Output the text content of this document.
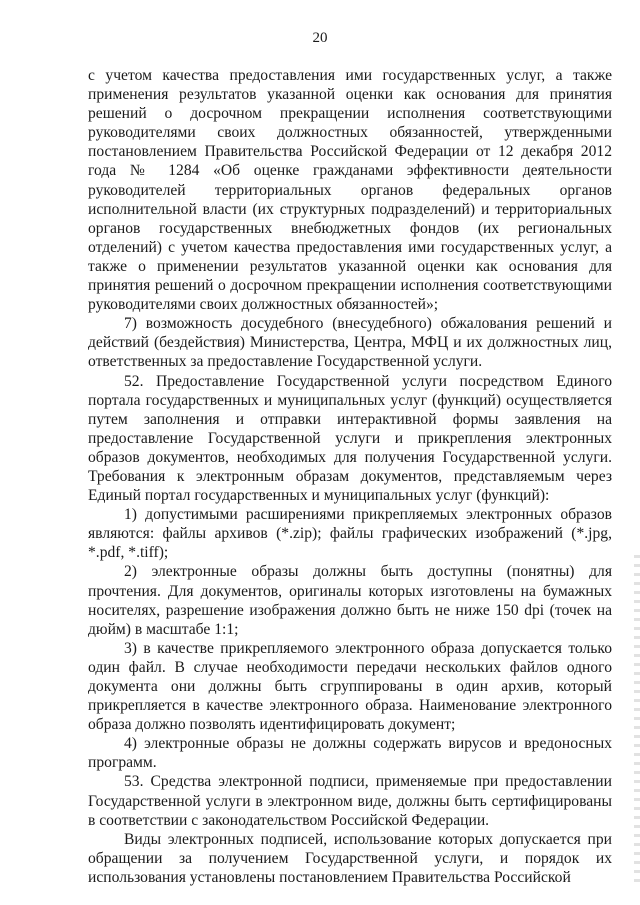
20

с учетом качества предоставления ими государственных услуг, а также применения результатов указанной оценки как основания для принятия решений о досрочном прекращении исполнения соответствующими руководителями своих должностных обязанностей, утвержденными постановлением Правительства Российской Федерации от 12 декабря 2012 года № 1284 «Об оценке гражданами эффективности деятельности руководителей территориальных органов федеральных органов исполнительной власти (их структурных подразделений) и территориальных органов государственных внебюджетных фондов (их региональных отделений) с учетом качества предоставления ими государственных услуг, а также о применении результатов указанной оценки как основания для принятия решений о досрочном прекращении исполнения соответствующими руководителями своих должностных обязанностей»;

7) возможность досудебного (внесудебного) обжалования решений и действий (бездействия) Министерства, Центра, МФЦ и их должностных лиц, ответственных за предоставление Государственной услуги.

52. Предоставление Государственной услуги посредством Единого портала государственных и муниципальных услуг (функций) осуществляется путем заполнения и отправки интерактивной формы заявления на предоставление Государственной услуги и прикрепления электронных образов документов, необходимых для получения Государственной услуги. Требования к электронным образам документов, представляемым через Единый портал государственных и муниципальных услуг (функций):

1) допустимыми расширениями прикрепляемых электронных образов являются: файлы архивов (*.zip); файлы графических изображений (*.jpg, *.pdf, *.tiff);

2) электронные образы должны быть доступны (понятны) для прочтения. Для документов, оригиналы которых изготовлены на бумажных носителях, разрешение изображения должно быть не ниже 150 dpi (точек на дюйм) в масштабе 1:1;

3) в качестве прикрепляемого электронного образа допускается только один файл. В случае необходимости передачи нескольких файлов одного документа они должны быть сгруппированы в один архив, который прикрепляется в качестве электронного образа. Наименование электронного образа должно позволять идентифицировать документ;

4) электронные образы не должны содержать вирусов и вредоносных программ.

53. Средства электронной подписи, применяемые при предоставлении Государственной услуги в электронном виде, должны быть сертифицированы в соответствии с законодательством Российской Федерации.

Виды электронных подписей, использование которых допускается при обращении за получением Государственной услуги, и порядок их использования установлены постановлением Правительства Российской
